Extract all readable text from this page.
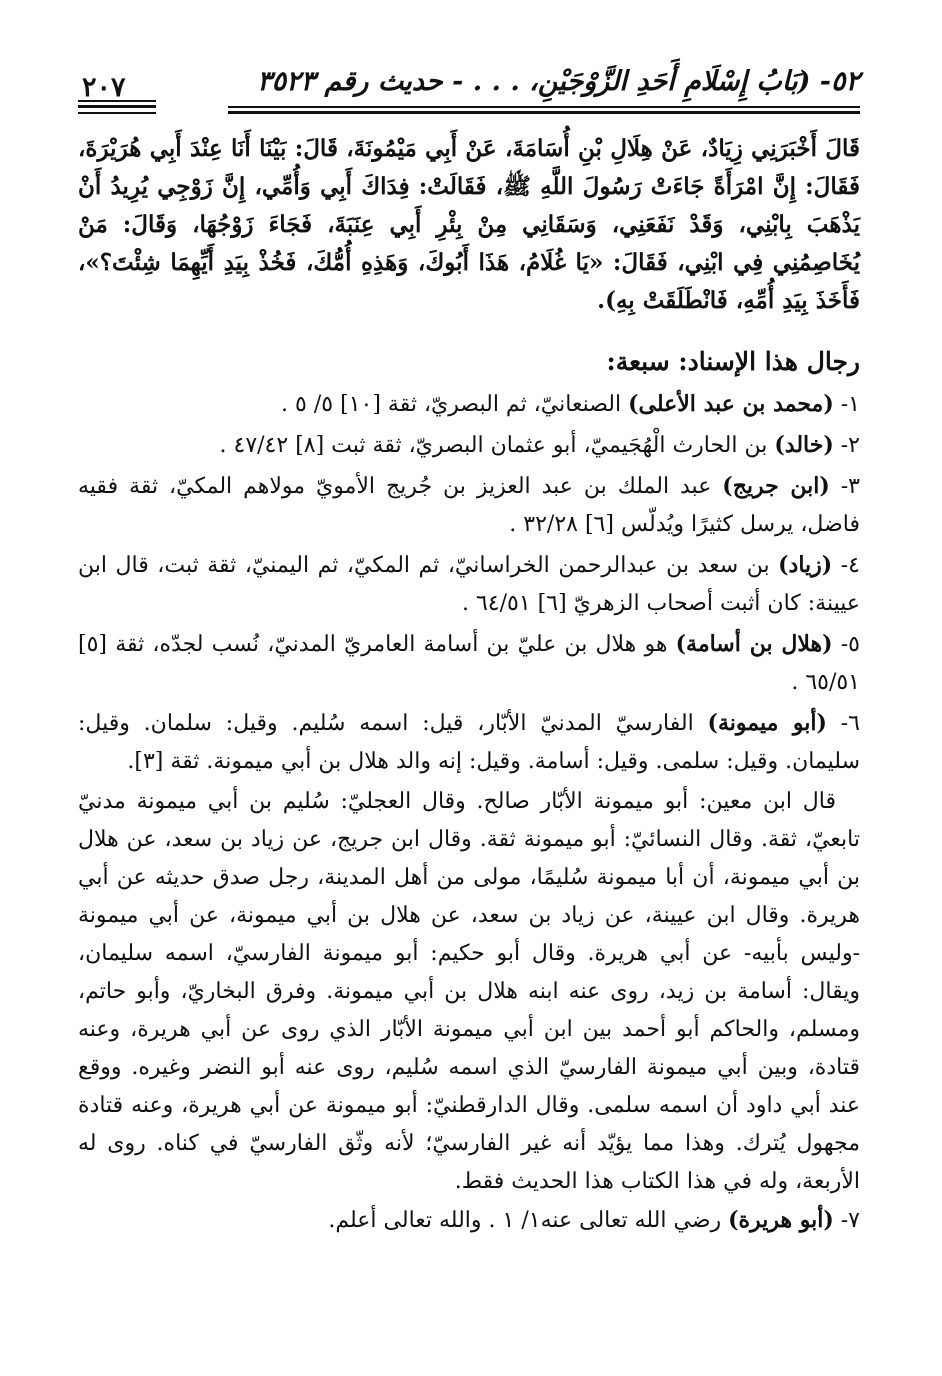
٥٢- (بَابُ إِسْلَامِ أَحَدِ الزَّوْجَيْنِ، . . . - حديث رقم ٣٥٢٣
٢٠٧

قَالَ أَخْبَرَنِي زِيَادٌ، عَنْ هِلَالِ بْنِ أُسَامَةَ، عَنْ أَبِي مَيْمُونَةَ، قَالَ: بَيْنَا أَنَا عِنْدَ أَبِي هُرَيْرَةَ، فَقَالَ: إِنَّ امْرَأَةً جَاءَتْ رَسُولَ اللَّهِ ﷺ، فَقَالَتْ: فِدَاكَ أَبِي وَأُمِّي، إِنَّ زَوْجِي يُرِيدُ أَنْ يَذْهَبَ بِابْنِي، وَقَدْ نَفَعَنِي، وَسَقَانِي مِنْ بِئْرِ أَبِي عِنَبَةَ، فَجَاءَ زَوْجُهَا، وَقَالَ: مَنْ يُخَاصِمُنِي فِي ابْنِي، فَقَالَ: «يَا غُلَامُ، هَذَا أَبُوكَ، وَهَذِهِ أُمُّكَ، فَخُذْ بِيَدِ أَيِّهِمَا شِئْتَ؟»، فَأَخَذَ بِيَدِ أُمِّهِ، فَانْطَلَقَتْ بِهِ).

رجال هذا الإسناد: سبعة:

١- (محمد بن عبد الأعلى) الصنعانيّ، ثم البصريّ، ثقة [١٠] ٥/ ٥ .

٢- (خالد) بن الحارث الْهُجَيميّ، أبو عثمان البصريّ، ثقة ثبت [٨] ٤٧/٤٢ .

٣- (ابن جريج) عبد الملك بن عبد العزيز بن جُريج الأمويّ مولاهم المكيّ، ثقة فقيه فاضل، يرسل كثيرًا ويُدلّس [٦] ٣٢/٢٨ .

٤- (زياد) بن سعد بن عبدالرحمن الخراسانيّ، ثم المكيّ، ثم اليمنيّ، ثقة ثبت، قال ابن عيينة: كان أثبت أصحاب الزهريّ [٦] ٦٤/٥١ .

٥- (هلال بن أسامة) هو هلال بن عليّ بن أسامة العامريّ المدنيّ، نُسب لجدّه، ثقة [٥] ٦٥/٥١ .

٦- (أبو ميمونة) الفارسيّ المدنيّ الأبّار، قيل: اسمه سُليم. وقيل: سلمان. وقيل: سليمان. وقيل: سلمى. وقيل: أسامة. وقيل: إنه والد هلال بن أبي ميمونة. ثقة [٣].

قال ابن معين: أبو ميمونة الأبّار صالح. وقال العجليّ: سُليم بن أبي ميمونة مدنيّ تابعيّ، ثقة. وقال النسائيّ: أبو ميمونة ثقة. وقال ابن جريج، عن زياد بن سعد، عن هلال بن أبي ميمونة، أن أبا ميمونة سُليمًا، مولى من أهل المدينة، رجل صدق حديثه عن أبي هريرة. وقال ابن عيينة، عن زياد بن سعد، عن هلال بن أبي ميمونة، عن أبي ميمونة -وليس بأبيه- عن أبي هريرة. وقال أبو حكيم: أبو ميمونة الفارسيّ، اسمه سليمان، ويقال: أسامة بن زيد، روى عنه ابنه هلال بن أبي ميمونة. وفرق البخاريّ، وأبو حاتم، ومسلم، والحاكم أبو أحمد بين ابن أبي ميمونة الأبّار الذي روى عن أبي هريرة، وعنه قتادة، وبين أبي ميمونة الفارسيّ الذي اسمه سُليم، روى عنه أبو النضر وغيره. ووقع عند أبي داود أن اسمه سلمى. وقال الدارقطنيّ: أبو ميمونة عن أبي هريرة، وعنه قتادة مجهول يُترك. وهذا مما يؤيّد أنه غير الفارسيّ؛ لأنه وثّق الفارسيّ في كناه. روى له الأربعة، وله في هذا الكتاب هذا الحديث فقط.

٧- (أبو هريرة) رضي الله تعالى عنه١/ ١ . والله تعالى أعلم.
